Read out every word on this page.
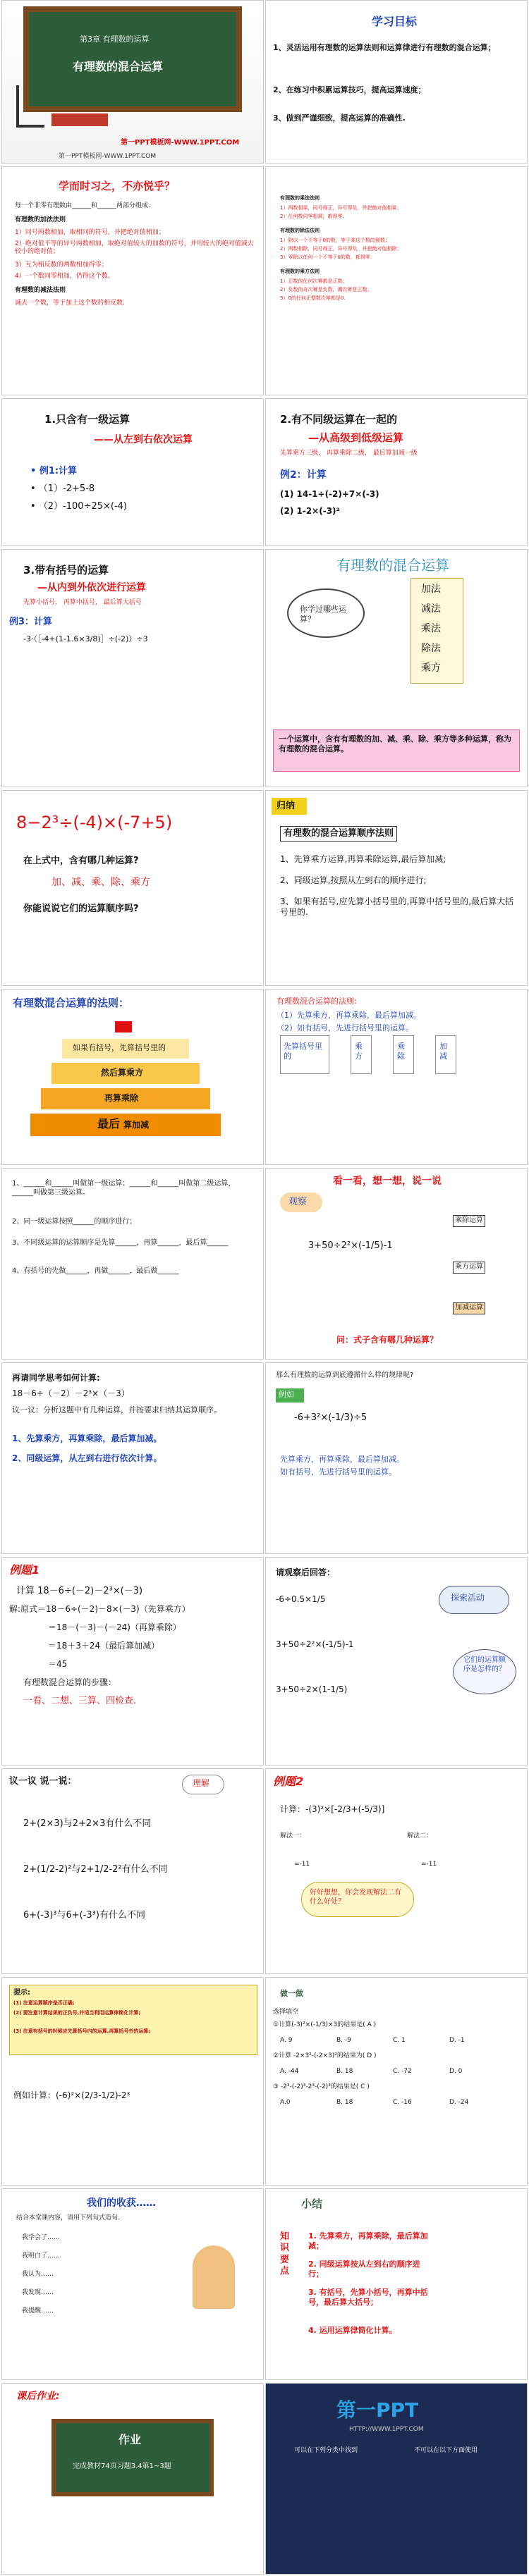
第3章 有理数的运算
有理数的混合运算
第一PPT模板网-WWW.1PPT.COM
第一PPT模板网-WWW.1PPT.COM
学习目标
1、灵活运用有理数的运算法则和运算律进行有理数的混合运算；
2、在练习中积累运算技巧，提高运算速度；
3、做到严谨细致，提高运算的准确性.
学而时习之，不亦悦乎？
每一个非零有理数由______和______两部分组成.
有理数的加法法则
1）同号两数相加，取相同的符号，并把绝对值相加；
2）绝对值不等的异号两数相加，取绝对值较大的加数的符号，并用较大的绝对值减去较小的绝对值；
3）互为相反数的两数相加得零；
4）一个数同零相加，仍得这个数。
有理数的减法法则
减去一个数，等于加上这个数的相反数.
有理数的乘法法则
1）两数相乘，同号得正，异号得负，并把绝对值相乘；
2）任何数同零相乘，都得零.
有理数的除法法则
1）除以一个不等于0的数，等于乘这个数的倒数；
2）两数相除，同号得正，异号得负，并把绝对值相除；
3）零除以任何一个不等于0的数，都得零.
有理数的乘方法则
1）正数的任何次幂都是正数；
2）负数的奇次幂是负数，偶次幂是正数；
3）0的任何正整数次幂都是0.
1.只含有一级运算
——从左到右依次运算
• 例1:计算
• （1）-2+5-8
• （2）-100÷25×(-4)
2.有不同级运算在一起的
—从高级到低级运算
先算乘方三级， 再算乘除二级， 最后算加减一级
例2：计算
(1) 14-1÷(-2)+7×(-3)
(2) 1-2×(-3)²
3.带有括号的运算
—从内到外依次进行运算
先算小括号， 再算中括号， 最后算大括号
例3：计算
-3·（［-4+(1-1.6×3/8)］÷(-2)）÷3
有理数的混合运算
你学过哪些运算？
加法
减法
乘法
除法
乘方
一个运算中，含有有理数的加、减、乘、除、乘方等多种运算，称为有理数的混合运算。
8−2³÷(-4)×(-7+5)
在上式中，含有哪几种运算?
加、减、乘、除、乘方
你能说说它们的运算顺序吗?
归纳
有理数的混合运算顺序法则
1、先算乘方运算,再算乘除运算,最后算加减;
2、同级运算,按照从左到右的顺序进行;
3、如果有括号,应先算小括号里的,再算中括号里的,最后算大括号里的.
有理数混合运算的法则：
如果有括号，先算括号里的
然后算乘方
再算乘除
最后 算加减
有理数混合运算的法则:
（1）先算乘方，再算乘除，最后算加减。
（2）如有括号，先进行括号里的运算。
先算括号里的
乘方
乘除
加减
1、______和______叫做第一级运算；______和______叫做第二级运算，______叫做第三级运算。
2、同一级运算按照______的顺序进行；
3、不同级运算的运算顺序是先算______，再算______，最后算______
4、有括号的先做______，再做______，最后做______
看一看，想一想，说一说
观察
3+50÷2²×(-1/5)-1
乘除运算
乘方运算
加减运算
问：式子含有哪几种运算？
再请同学思考如何计算:
18－6÷（－2）－2³×（－3）
议一议：分析这题中有几种运算，并按要求归纳其运算顺序。
1、先算乘方，再算乘除，最后算加减。
2、同级运算，从左到右进行依次计算。
那么有理数的运算到底遵循什么样的规律呢?
例如
-6+3²×(-1/3)÷5
先算乘方，再算乘除，最后算加减。
如有括号，先进行括号里的运算。
例题1
计算 18－6÷(－2)－2³×(－3)
解:原式＝18－6÷(－2)－8×(－3)（先算乘方）
＝18－(－3)－(－24)（再算乘除）
＝18＋3＋24（最后算加减）
＝45
有理数混合运算的步骤：
一看、二想、三算、四检查.
请观察后回答：
-6÷0.5×1/5
3+50÷2²×(-1/5)-1
3+50÷2×(1-1/5)
探索活动
它们的运算顺序是怎样的？
议一议 说一说：	理解
2+(2×3)与2+2×3有什么不同
2+(1/2-2)²与2+1/2-2²有什么不同
6+(-3)³与6+(-3³)有什么不同
例题2
计算：-(3)²×[-2/3+(-5/3)]
解法一：	解法二：
=-11	=-11
好好想想，你会发现解法二有什么好处？
提示:
(1) 注意运算顺序是否正确;
(2) 要注意计算结果的正负号,并适当利用运算律简化计算;
(3) 注意有括号的时候应先算括号内的运算,再算括号外的运算;
例如计算：(-6)²×(2/3-1/2)-2³
做一做
选择填空
①计算(-3)²×(-1/3)×3的结果是( A )
A. 9	B. -9	C. 1	D. -1
②计算 -2×3²-(-2×3)²的结果为( D )
A. -44	B. 18	C. -72	D. 0
③ -2³-(-2)³-2³-(-2)³的结果是( C )
A.0	B. 18	C. -16	D. -24
我们的收获……
结合本堂课内容，请用下列句式造句.
我学会了……
我明白了……
我认为……
我发现……
我提醒……
小结
知识要点
1. 先算乘方，再算乘除，最后算加减；
2. 同级运算按从左到右的顺序进行；
3. 有括号，先算小括号，再算中括号，最后算大括号；
4. 运用运算律简化计算。
课后作业:
作业
完成教材74页习题3.4第1~3题
第一PPT
HTTP://WWW.1PPT.COM
可以在下列分类中找到	不可以在以下方面使用
